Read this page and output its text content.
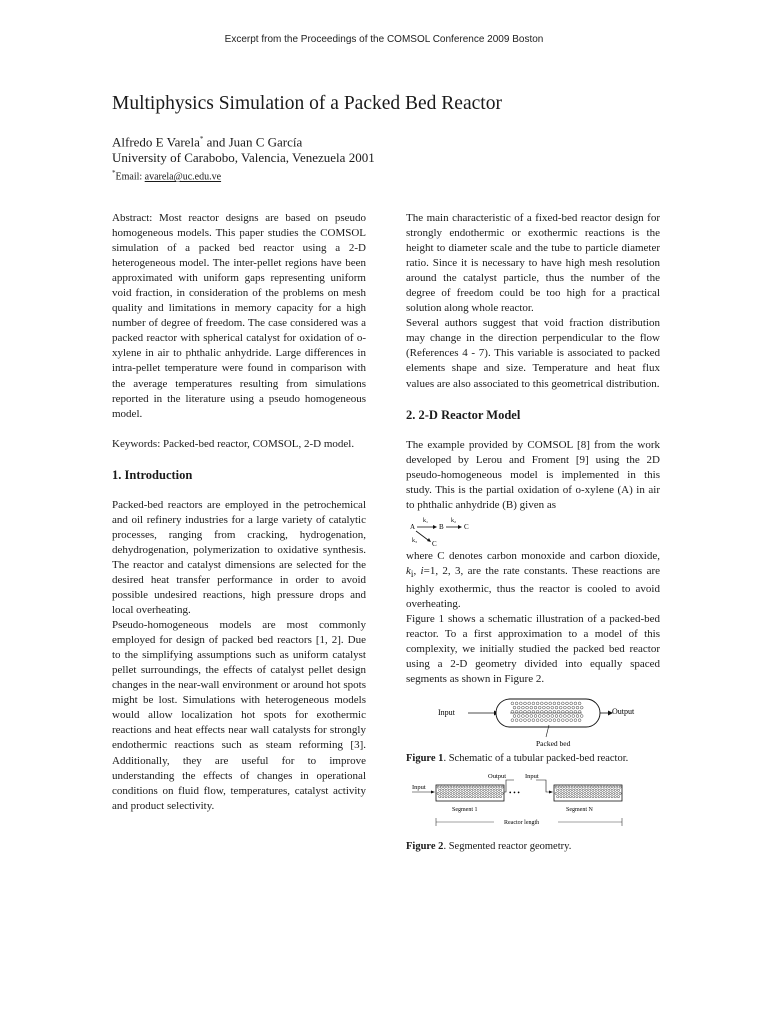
Excerpt from the Proceedings of the COMSOL Conference 2009 Boston
Multiphysics Simulation of a Packed Bed Reactor
Alfredo E Varela* and Juan C García
University of Carabobo, Valencia, Venezuela 2001
*Email: avarela@uc.edu.ve

Abstract: Most reactor designs are based on pseudo homogeneous models. This paper studies the COMSOL simulation of a packed bed reactor using a 2-D heterogeneous model. The inter-pellet regions have been approximated with uniform gaps representing uniform void fraction, in consideration of the problems on mesh quality and limitations in memory capacity for a high number of degree of freedom. The case considered was a packed reactor with spherical catalyst for oxidation of o-xylene in air to phthalic anhydride. Large differences in intra-pellet temperature were found in comparison with the average temperatures resulting from simulations reported in the literature using a pseudo homogeneous model.

Keywords: Packed-bed reactor, COMSOL, 2-D model.

1. Introduction

Packed-bed reactors are employed in the petrochemical and oil refinery industries for a large variety of catalytic processes, ranging from cracking, hydrogenation, dehydrogenation, polymerization to oxidative synthesis. The reactor and catalyst dimensions are selected for the desired heat transfer performance in order to avoid possible undesired reactions, high pressure drops and local overheating.

Pseudo-homogeneous models are most commonly employed for design of packed bed reactors [1, 2]. Due to the simplifying assumptions such as uniform catalyst pellet surroundings, the effects of catalyst pellet design changes in the near-wall environment or around hot spots might be lost. Simulations with heterogeneous models would allow localization hot spots for exothermic reactions and heat effects near wall catalysts for strongly endothermic reactions such as steam reforming [3]. Additionally, they are useful for to improve understanding the effects of changes in operational conditions on fluid flow, temperatures, catalyst activity and product selectivity.

The main characteristic of a fixed-bed reactor design for strongly endothermic or exothermic reactions is the height to diameter scale and the tube to particle diameter ratio. Since it is necessary to have high mesh resolution around the catalyst particle, thus the number of the degree of freedom could be too high for a practical solution along whole reactor.

Several authors suggest that void fraction distribution may change in the direction perpendicular to the flow (References 4 - 7). This variable is associated to packed elements shape and size. Temperature and heat flux values are also associated to this geometrical distribution.

2. 2-D Reactor Model

The example provided by COMSOL [8] from the work developed by Lerou and Froment [9] using the 2D pseudo-homogeneous model is implemented in this study. This is the partial oxidation of o-xylene (A) in air to phthalic anhydride (B) given as

A
k₁
B
k₂
C
k₃ C

where C denotes carbon monoxide and carbon dioxide, $k_i$, i=1, 2, 3, are the rate constants. These reactions are highly exothermic, thus the reactor is cooled to avoid overheating.

Figure 1 shows a schematic illustration of a packed-bed reactor. To a first approximation to a model of this complexity, we initially studied the packed bed reactor using a 2-D geometry divided into equally spaced segments as shown in Figure 2.

Input	Output
Packed bed

Figure 1. Schematic of a tubular packed-bed reactor.

Input
Output
• • •
Input
Segment 1	Segment N
Reactor length

Figure 2. Segmented reactor geometry.
